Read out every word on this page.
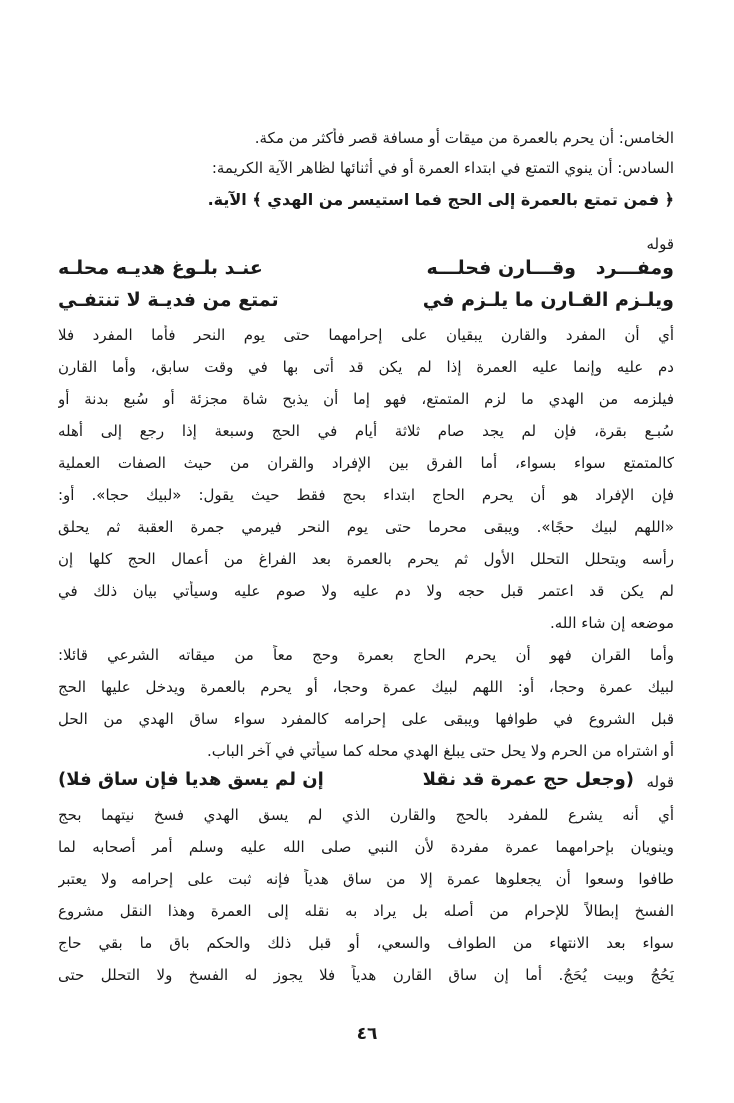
الخامس: أن يحرم بالعمرة من ميقات أو مسافة قصر فأكثر من مكة.
السادس: أن ينوي التمتع في ابتداء العمرة أو في أثنائها لظاهر الآية الكريمة:
﴿ فمن تمتع بالعمرة إلى الحج فما استيسر من الهدي ﴾ الآية.
قوله
ومفـــرد
وقـــارن فحلـــه
عنـد بلـوغ هديـه محلـه
ويلـزم القـارن ما يلـزم في
تمتع من فديـة لا تنتفـي
أي أن المفرد والقارن يبقيان على إحرامهما حتى يوم النحر فأما المفرد فلا
دم عليه وإنما عليه العمرة إذا لم يكن قد أتى بها في وقت سابق، وأما القارن
فيلزمه من الهدي ما لزم المتمتع، فهو إما أن يذبح شاة مجزئة أو سُبع بدنة أو
سُبـع بقرة، فإن لم يجد صام ثلاثة أيام في الحج وسبعة إذا رجع إلى أهله
كالمتمتع سواء بسواء، أما الفرق بين الإفراد والقران من حيث الصفات العملية
فإن الإفراد هو أن يحرم الحاج ابتداء بحج فقط حيث يقول: «لبيك حجا». أو:
«اللهم لبيك حجًا». ويبقى محرما حتى يوم النحر فيرمي جمرة العقبة ثم يحلق
رأسه ويتحلل التحلل الأول ثم يحرم بالعمرة بعد الفراغ من أعمال الحج كلها إن
لم يكن قد اعتمر قبل حجه ولا دم عليه ولا صوم عليه وسيأتي بيان ذلك في
موضعه إن شاء الله.
وأما القران فهو أن يحرم الحاج بعمرة وحج معاً من ميقاته الشرعي قائلا:
لبيك عمرة وحجا، أو: اللهم لبيك عمرة وحجا، أو يحرم بالعمرة ويدخل عليها الحج
قبل الشروع في طوافها ويبقى على إحرامه كالمفرد سواء ساق الهدي من الحل
أو اشتراه من الحرم ولا يحل حتى يبلغ الهدي محله كما سيأتي في آخر الباب.
قوله
(وجعل حج عمرة قد نقلا
إن لم يسق هديا فإن ساق فلا)
أي أنه يشرع للمفرد بالحج والقارن الذي لم يسق الهدي فسخ نيتهما بحج
وينويان بإحرامهما عمرة مفردة لأن النبي صلى الله عليه وسلم أمر أصحابه لما
طافوا وسعوا أن يجعلوها عمرة إلا من ساق هدياً فإنه ثبت على إحرامه ولا يعتبر
الفسخ إبطالاً للإحرام من أصله بل يراد به نقله إلى العمرة وهذا النقل مشروع
سواء بعد الانتهاء من الطواف والسعي، أو قبل ذلك والحكم باق ما بقي حاج
يَحُجُ وبيت يُحَجُ. أما إن ساق القارن هدياً فلا يجوز له الفسخ ولا التحلل حتى
٤٦
